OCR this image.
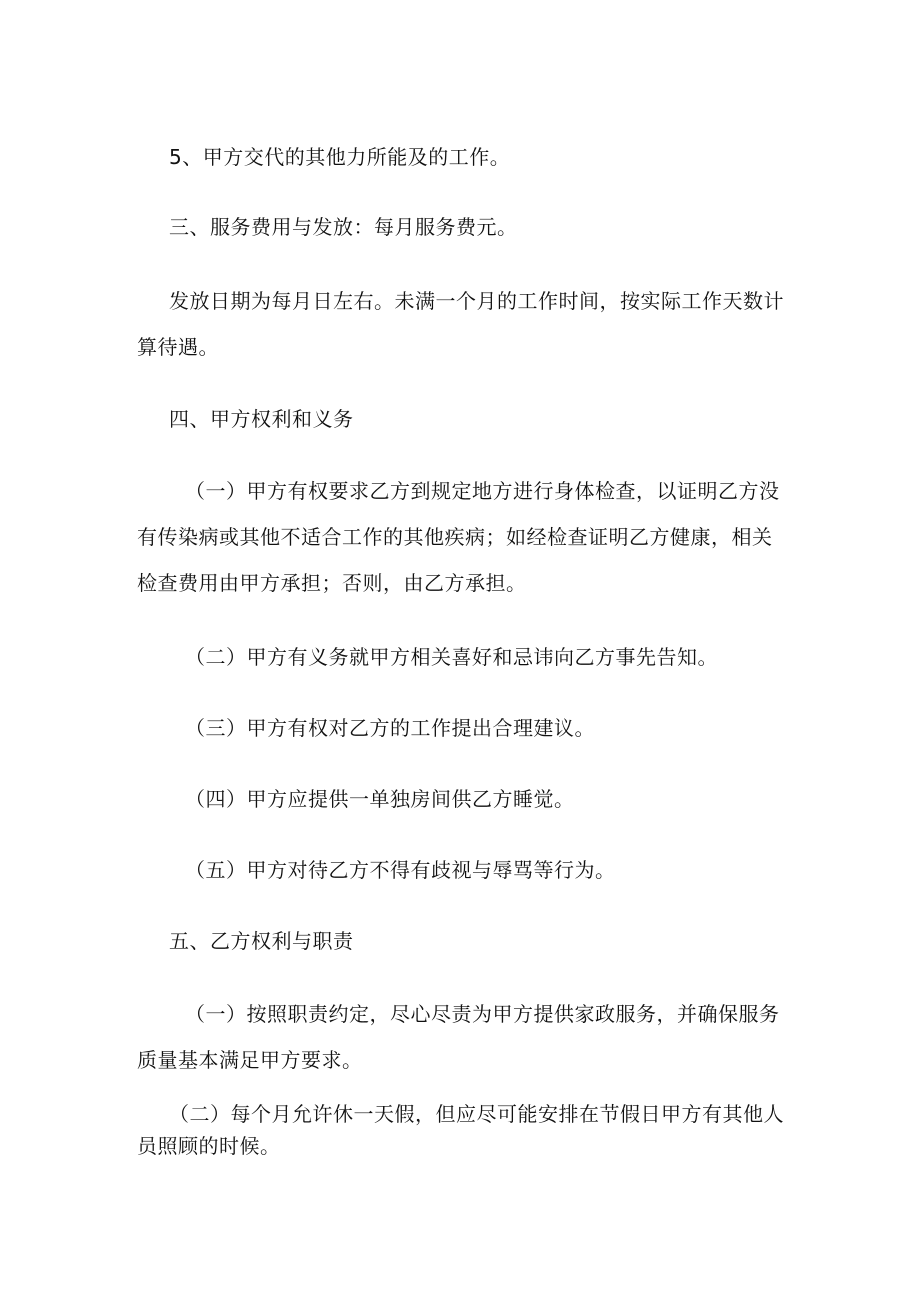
5、甲方交代的其他力所能及的工作。
三、服务费用与发放：每月服务费元。
发放日期为每月日左右。未满一个月的工作时间，按实际工作天数计算待遇。
四、甲方权利和义务
（一）甲方有权要求乙方到规定地方进行身体检查，以证明乙方没有传染病或其他不适合工作的其他疾病；如经检查证明乙方健康，相关检查费用由甲方承担；否则，由乙方承担。
（二）甲方有义务就甲方相关喜好和忌讳向乙方事先告知。
（三）甲方有权对乙方的工作提出合理建议。
（四）甲方应提供一单独房间供乙方睡觉。
（五）甲方对待乙方不得有歧视与辱骂等行为。
五、乙方权利与职责
（一）按照职责约定，尽心尽责为甲方提供家政服务，并确保服务质量基本满足甲方要求。
（二）每个月允许休一天假，但应尽可能安排在节假日甲方有其他人员照顾的时候。
